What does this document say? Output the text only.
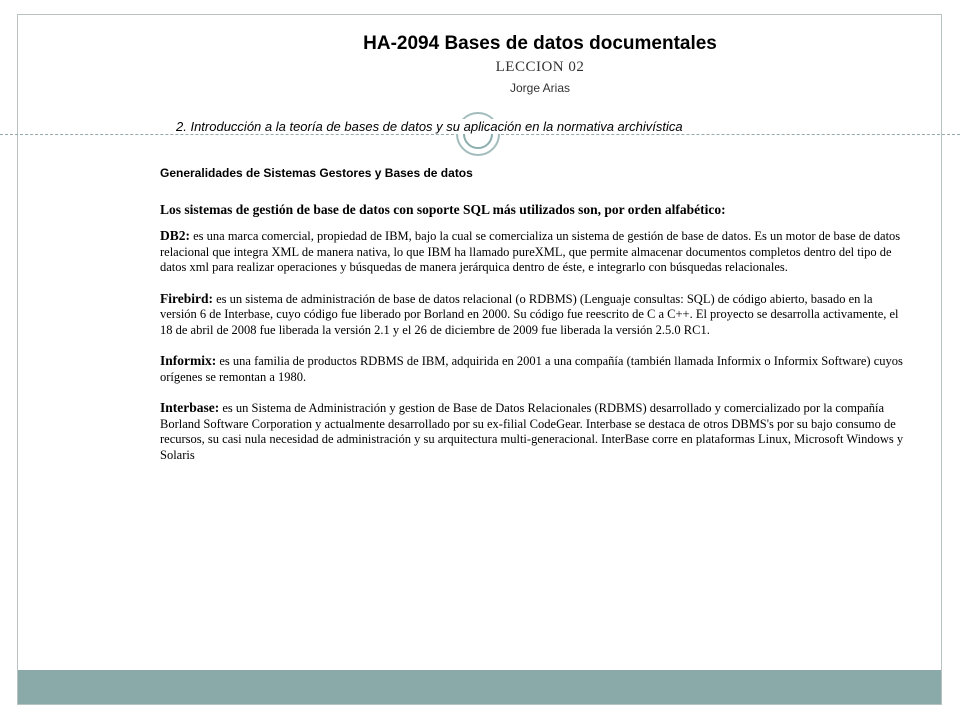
HA-2094 Bases de datos documentales
LECCION 02
Jorge Arias
2. Introducción a la teoría de bases de datos y su aplicación en la normativa archivística

Generalidades de Sistemas Gestores y Bases de datos

Los sistemas de gestión de base de datos con soporte SQL más utilizados son, por orden alfabético:

DB2: es una marca comercial, propiedad de IBM, bajo la cual se comercializa un sistema de gestión de base de datos. Es un motor de base de datos relacional que integra XML de manera nativa, lo que IBM ha llamado pureXML, que permite almacenar documentos completos dentro del tipo de datos xml para realizar operaciones y búsquedas de manera jerárquica dentro de éste, e integrarlo con búsquedas relacionales.

Firebird: es un sistema de administración de base de datos relacional (o RDBMS) (Lenguaje consultas: SQL) de código abierto, basado en la versión 6 de Interbase, cuyo código fue liberado por Borland en 2000. Su código fue reescrito de C a C++. El proyecto se desarrolla activamente, el 18 de abril de 2008 fue liberada la versión 2.1 y el 26 de diciembre de 2009 fue liberada la versión 2.5.0 RC1.

Informix: es una familia de productos RDBMS de IBM, adquirida en 2001 a una compañía (también llamada Informix o Informix Software) cuyos orígenes se remontan a 1980.

Interbase: es un Sistema de Administración y gestion de Base de Datos Relacionales (RDBMS) desarrollado y comercializado por la compañía Borland Software Corporation y actualmente desarrollado por su ex-filial CodeGear. Interbase se destaca de otros DBMS's por su bajo consumo de recursos, su casi nula necesidad de administración y su arquitectura multi-generacional. InterBase corre en plataformas Linux, Microsoft Windows y Solaris
